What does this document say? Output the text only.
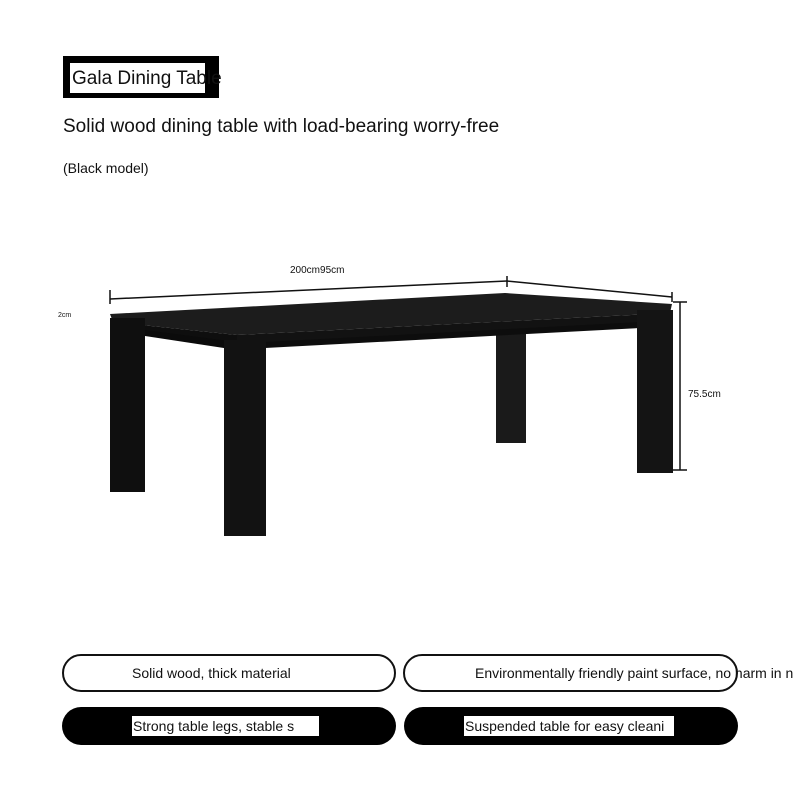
Gala Dining Table
Solid wood dining table with load-bearing worry-free
(Black model)
200cm95cm
2cm
75.5cm
Solid wood, thick material	Environmentally friendly paint surface, no harm in n
Strong table legs, stable s	Suspended table for easy cleani
